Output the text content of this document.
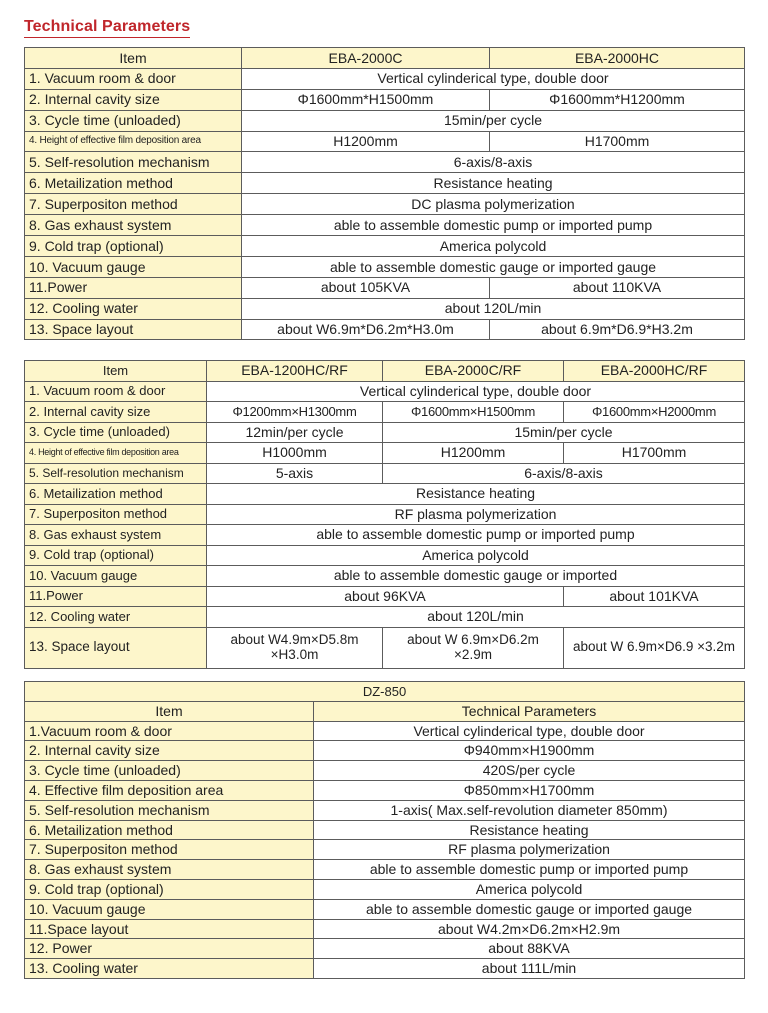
Technical Parameters
Item	EBA-2000C	EBA-2000HC
1. Vacuum room & door	Vertical cylinderical type, double door	
2. Internal cavity size	Φ1600mm*H1500mm	Φ1600mm*H1200mm
3. Cycle time (unloaded)	15min/per cycle	
4. Height of effective film deposition area	H1200mm	H1700mm
5. Self-resolution mechanism	6-axis/8-axis	
6. Metailization method	Resistance heating	
7. Superpositon method	DC plasma polymerization	
8. Gas exhaust system	able to assemble domestic pump or imported pump	
9. Cold trap (optional)	America polycold	
10. Vacuum gauge	able to assemble domestic gauge or imported gauge	
11.Power	about 105KVA	about 110KVA
12. Cooling water	about 120L/min	
13. Space layout	about W6.9m*D6.2m*H3.0m	about 6.9m*D6.9*H3.2m
Item	EBA-1200HC/RF	EBA-2000C/RF	EBA-2000HC/RF
1. Vacuum room & door	Vertical cylinderical type, double door		
2. Internal cavity size	Φ1200mm×H1300mm	Φ1600mm×H1500mm	Φ1600mm×H2000mm
3. Cycle time (unloaded)	12min/per cycle	15min/per cycle	
4. Height of effective film deposition area	H1000mm	H1200mm	H1700mm
5. Self-resolution mechanism	5-axis	6-axis/8-axis	
6. Metailization method	Resistance heating		
7. Superpositon method	RF plasma polymerization		
8. Gas exhaust system	able to assemble domestic pump or imported pump		
9. Cold trap (optional)	America polycold		
10. Vacuum gauge	able to assemble domestic gauge or imported		
11.Power	about 96KVA		about 101KVA
12. Cooling water	about 120L/min		
13. Space layout	about W4.9m×D5.8m ×H3.0m	about W 6.9m×D6.2m ×2.9m	about W 6.9m×D6.9 ×3.2m
DZ-850	
Item	Technical Parameters
1.Vacuum room & door	Vertical cylinderical type, double door
2. Internal cavity size	Φ940mm×H1900mm
3. Cycle time (unloaded)	420S/per cycle
4. Effective film deposition area	Φ850mm×H1700mm
5. Self-resolution mechanism	1-axis( Max.self-revolution diameter 850mm)
6. Metailization method	Resistance heating
7. Superpositon method	RF plasma polymerization
8. Gas exhaust system	able to assemble domestic pump or imported pump
9. Cold trap (optional)	America polycold
10. Vacuum gauge	able to assemble domestic gauge or imported gauge
11.Space layout	about W4.2m×D6.2m×H2.9m
12. Power	about 88KVA
13. Cooling water	about 111L/min
